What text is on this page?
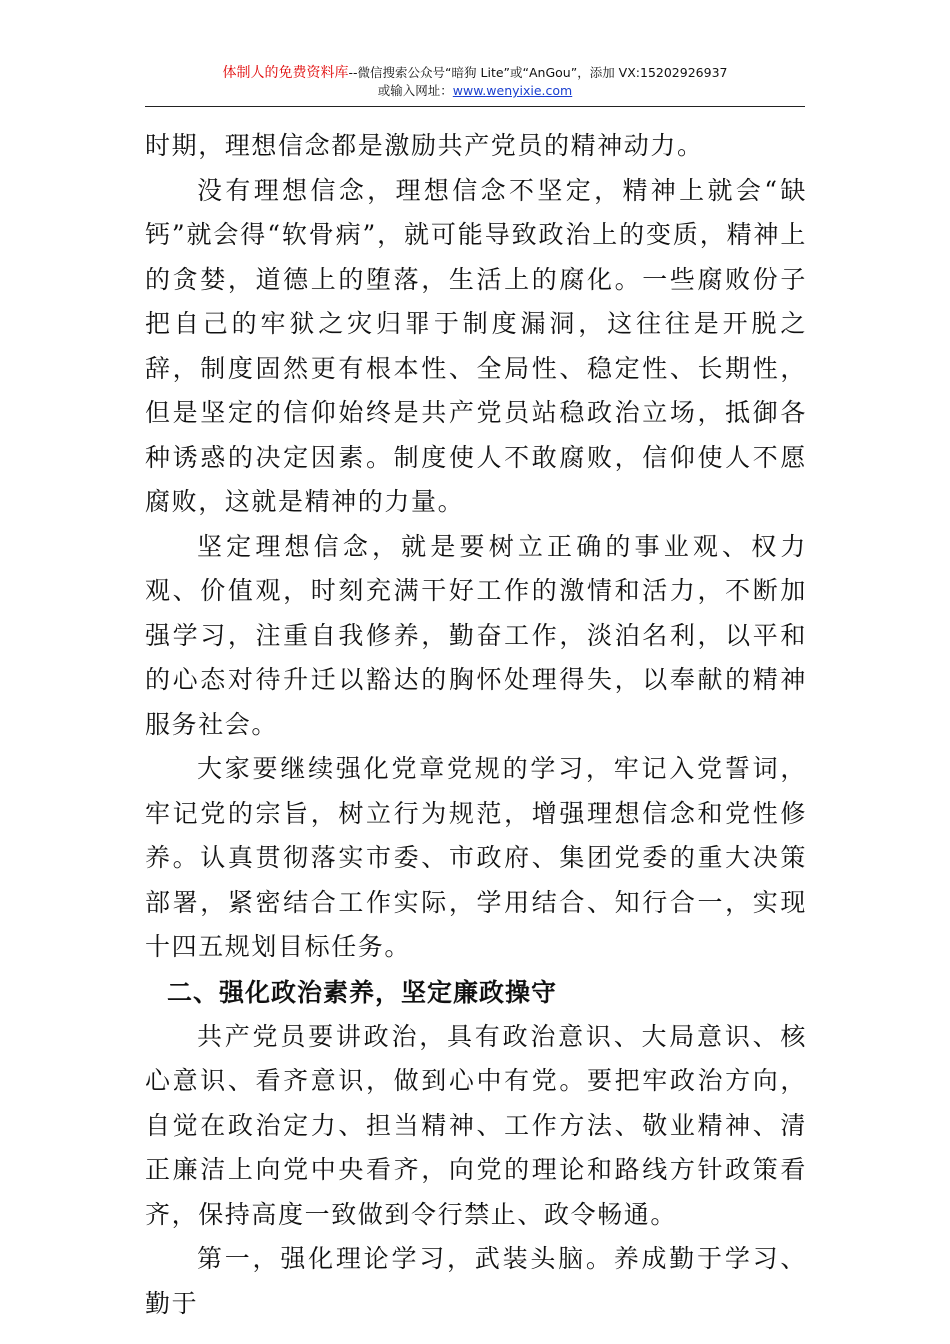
体制人的免费资料库--微信搜索公众号“暗狗 Lite”或“AnGou”，添加 VX:15202926937
或输入网址：www.wenyixie.com

时期，理想信念都是激励共产党员的精神动力。

没有理想信念，理想信念不坚定，精神上就会“缺钙”就会得“软骨病”，就可能导致政治上的变质，精神上的贪婪，道德上的堕落，生活上的腐化。一些腐败份子把自己的牢狱之灾归罪于制度漏洞，这往往是开脱之辞，制度固然更有根本性、全局性、稳定性、长期性，但是坚定的信仰始终是共产党员站稳政治立场，抵御各种诱惑的决定因素。制度使人不敢腐败，信仰使人不愿腐败，这就是精神的力量。

坚定理想信念，就是要树立正确的事业观、权力观、价值观，时刻充满干好工作的激情和活力，不断加强学习，注重自我修养，勤奋工作，淡泊名利，以平和的心态对待升迁以豁达的胸怀处理得失，以奉献的精神服务社会。

大家要继续强化党章党规的学习，牢记入党誓词，牢记党的宗旨，树立行为规范，增强理想信念和党性修养。认真贯彻落实市委、市政府、集团党委的重大决策部署，紧密结合工作实际，学用结合、知行合一，实现十四五规划目标任务。

二、强化政治素养，坚定廉政操守

共产党员要讲政治，具有政治意识、大局意识、核心意识、看齐意识，做到心中有党。要把牢政治方向，自觉在政治定力、担当精神、工作方法、敬业精神、清正廉洁上向党中央看齐，向党的理论和路线方针政策看齐，保持高度一致做到令行禁止、政令畅通。

第一，强化理论学习，武装头脑。养成勤于学习、勤于
